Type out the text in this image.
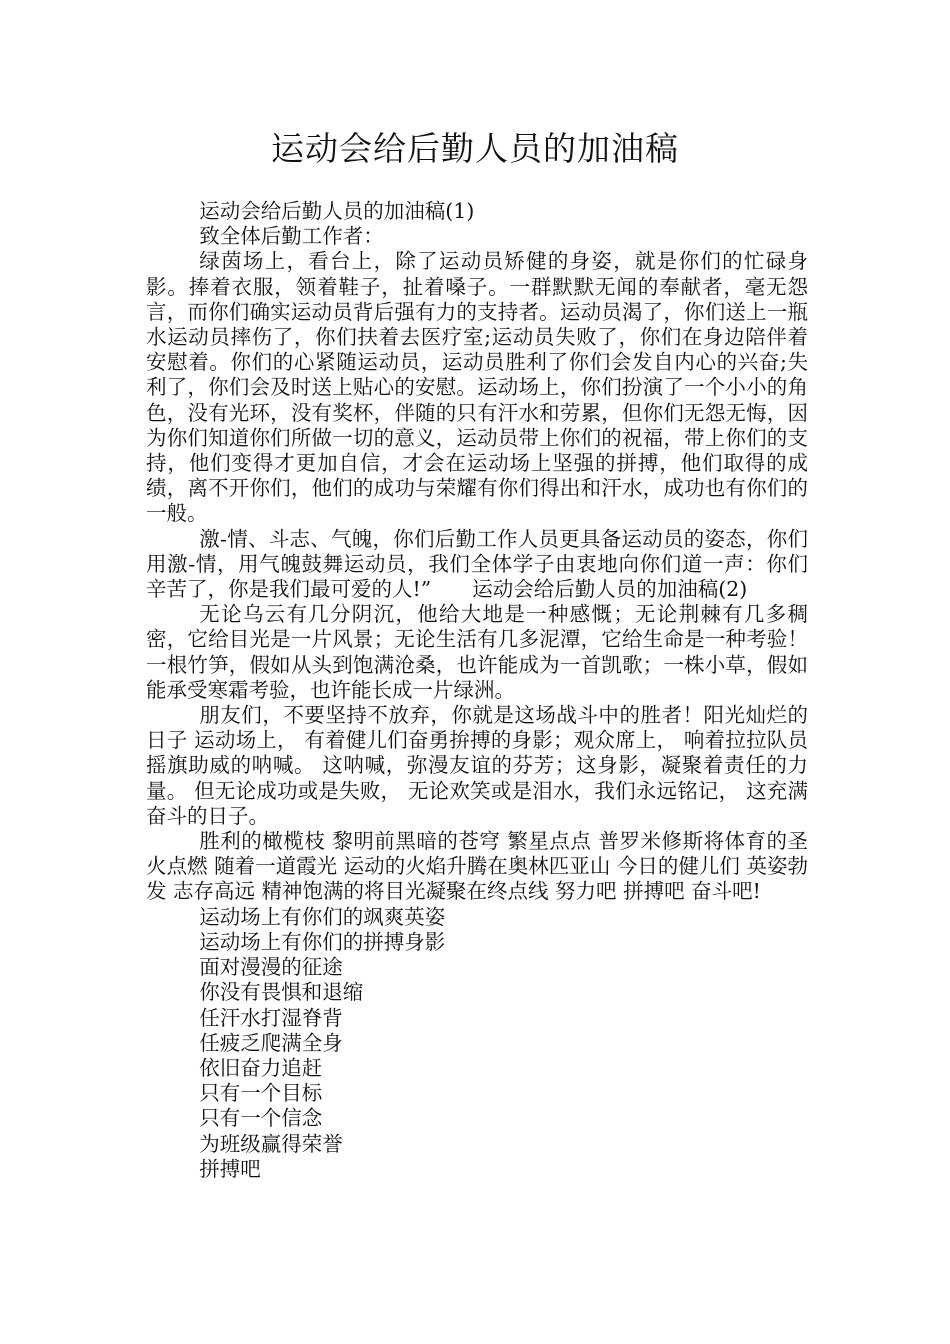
运动会给后勤人员的加油稿

运动会给后勤人员的加油稿(1)

致全体后勤工作者：

绿茵场上，看台上，除了运动员矫健的身姿，就是你们的忙碌身影。捧着衣服，领着鞋子，扯着嗓子。一群默默无闻的奉献者，毫无怨言，而你们确实运动员背后强有力的支持者。运动员渴了，你们送上一瓶水运动员摔伤了，你们扶着去医疗室;运动员失败了，你们在身边陪伴着安慰着。你们的心紧随运动员，运动员胜利了你们会发自内心的兴奋;失利了，你们会及时送上贴心的安慰。运动场上，你们扮演了一个小小的角色，没有光环，没有奖杯，伴随的只有汗水和劳累，但你们无怨无悔，因为你们知道你们所做一切的意义，运动员带上你们的祝福，带上你们的支持，他们变得才更加自信，才会在运动场上坚强的拼搏，他们取得的成绩，离不开你们，他们的成功与荣耀有你们得出和汗水，成功也有你们的一般。

激-情、斗志、气魄，你们后勤工作人员更具备运动员的姿态，你们用激-情，用气魄鼓舞运动员，我们全体学子由衷地向你们道一声：你们辛苦了，你是我们最可爱的人!”　　运动会给后勤人员的加油稿(2)

无论乌云有几分阴沉，他给大地是一种感慨；无论荆棘有几多稠密，它给目光是一片风景；无论生活有几多泥潭，它给生命是一种考验！一根竹笋，假如从头到饱满沧桑，也许能成为一首凯歌；一株小草，假如能承受寒霜考验，也许能长成一片绿洲。

朋友们，不要坚持不放弃，你就是这场战斗中的胜者！阳光灿烂的日子 运动场上， 有着健儿们奋勇拚搏的身影；观众席上， 响着拉拉队员摇旗助威的呐喊。 这呐喊，弥漫友谊的芬芳；这身影，凝聚着责任的力量。 但无论成功或是失败， 无论欢笑或是泪水，我们永远铭记， 这充满奋斗的日子。

胜利的橄榄枝 黎明前黑暗的苍穹 繁星点点 普罗米修斯将体育的圣火点燃 随着一道霞光 运动的火焰升腾在奥林匹亚山 今日的健儿们 英姿勃发 志存高远 精神饱满的将目光凝聚在终点线 努力吧 拼搏吧 奋斗吧!

运动场上有你们的飒爽英姿

运动场上有你们的拼搏身影

面对漫漫的征途

你没有畏惧和退缩

任汗水打湿脊背

任疲乏爬满全身

依旧奋力追赶

只有一个目标

只有一个信念

为班级赢得荣誉

拼搏吧
